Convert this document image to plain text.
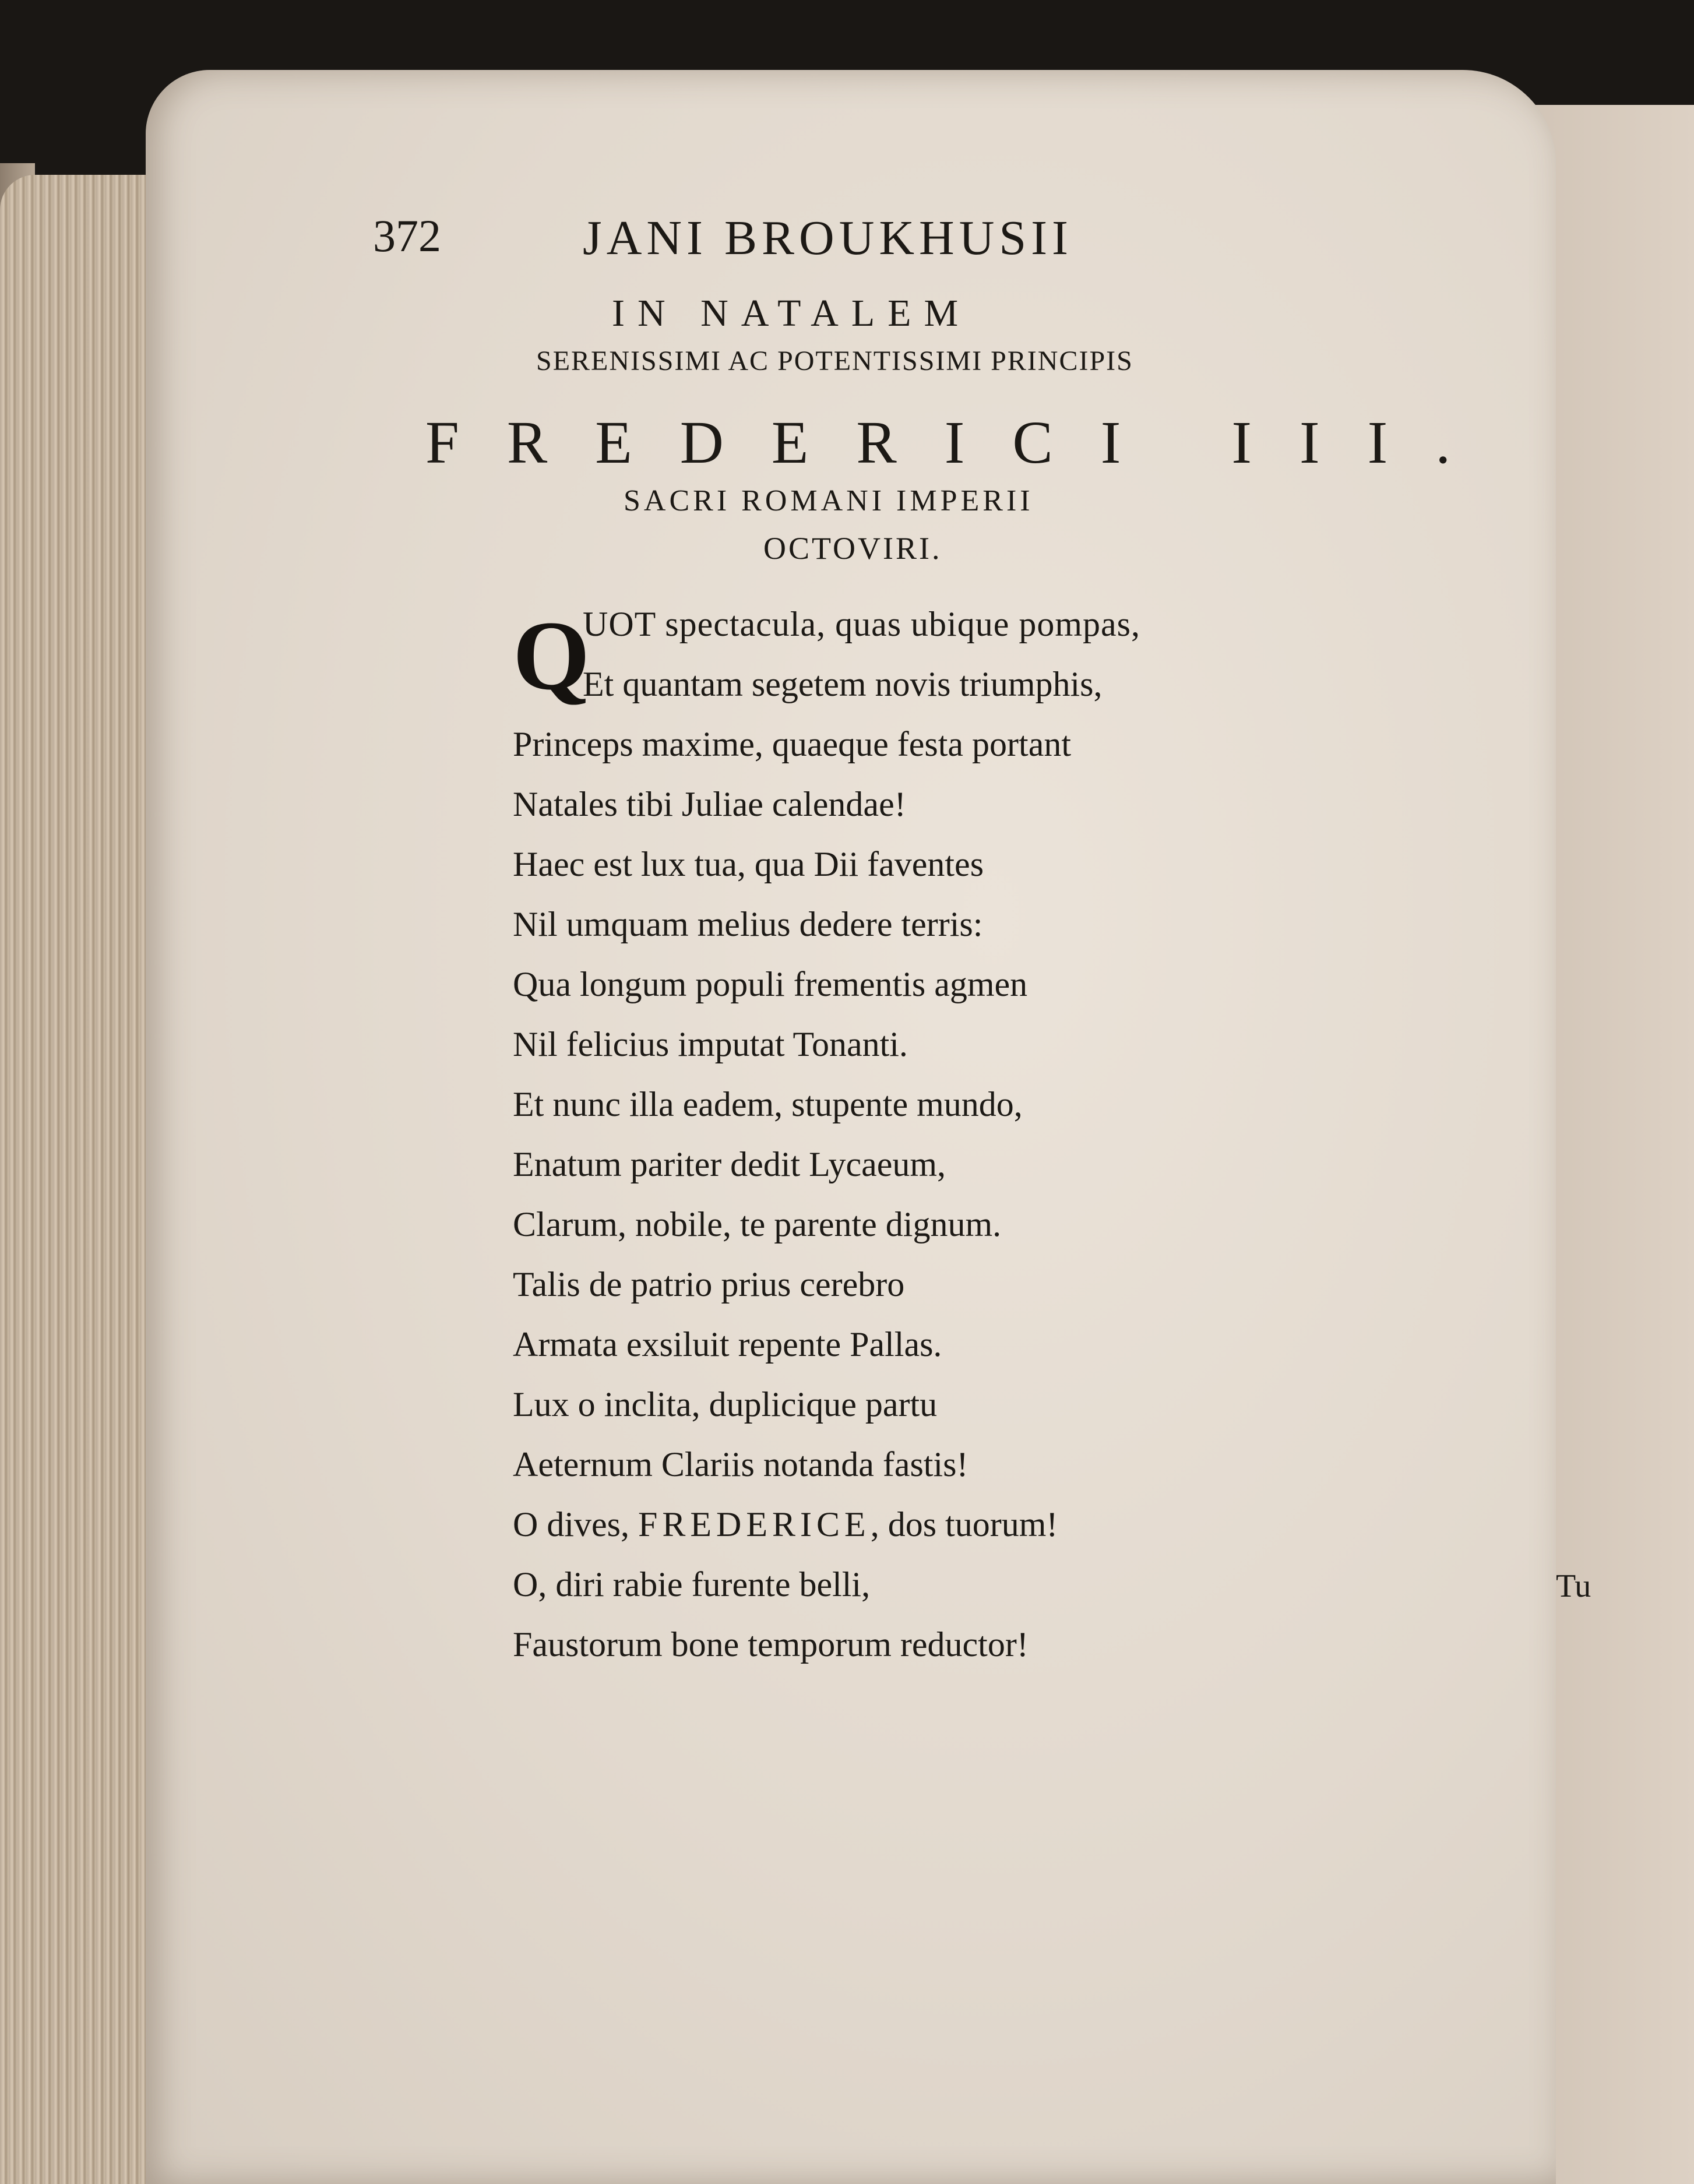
372	JANI BROUKHUSII
IN NATALEM
SERENISSIMI AC POTENTISSIMI PRINCIPIS
FREDERICI III.
SACRI ROMANI IMPERII
OCTOVIRI.
Q
UOT spectacula, quas ubique pompas,
Et quantam segetem novis triumphis,
Princeps maxime, quaeque festa portant
Natales tibi Juliae calendae!
Haec est lux tua, qua Dii faventes
Nil umquam melius dedere terris:
Qua longum populi frementis agmen
Nil felicius imputat Tonanti.
Et nunc illa eadem, stupente mundo,
Enatum pariter dedit Lycaeum,
Clarum, nobile, te parente dignum.
Talis de patrio prius cerebro
Armata exsiluit repente Pallas.
Lux o inclita, duplicique partu
Aeternum Clariis notanda fastis!
O dives, FREDERICE, dos tuorum!
O, diri rabie furente belli,
Faustorum bone temporum reductor!
Tu
